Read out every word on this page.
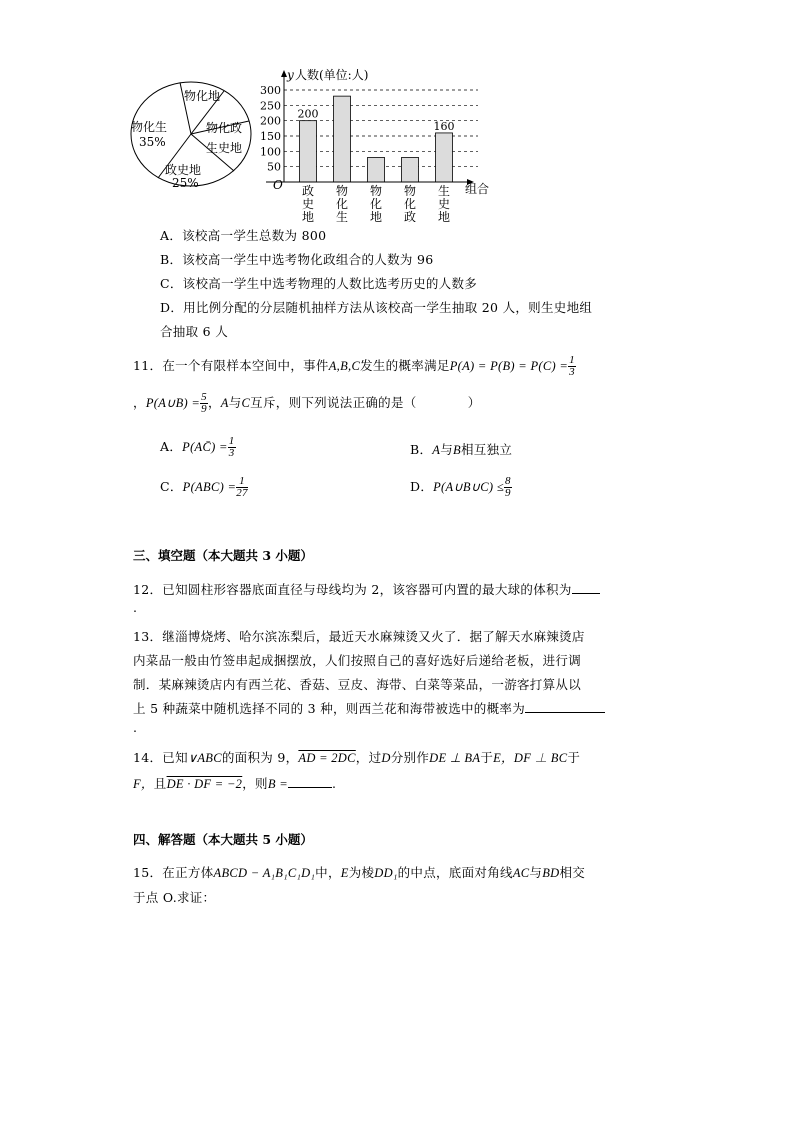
物化生
35%
物化地
物化政
生史地
政史地
25%
200
160
50
100
150
200
250
300
政史地
物化生
物化地
物化政
生史地
y 人数(单位:人)
组合
O
A．该校高一学生总数为 800
B．该校高一学生中选考物化政组合的人数为 96
C．该校高一学生中选考物理的人数比选考历史的人数多
D．用比例分配的分层随机抽样方法从该校高一学生抽取 20 人，则生史地组
合抽取 6 人
11．在一个有限样本空间中，事件A,B,C发生的概率满足$P(A) = P(B) = P(C) = \frac{1}{3}$
，P(A∪B) = $\frac{5}{9}$ ，A与C互斥，则下列说法正确的是（　　　　）
A．P(AC̄) = $\frac{1}{3}$	B．A与B相互独立
C．$P(ABC) = \frac{1}{27}$	D．P(A∪B∪C) ≤ $\frac{8}{9}$
三、填空题（本大题共 3 小题）
12．已知圆柱形容器底面直径与母线均为 2，该容器可内置的最大球的体积为
.
13．继淄博烧烤、哈尔滨冻梨后，最近天水麻辣烫又火了．据了解天水麻辣烫店
内菜品一般由竹签串起成捆摆放，人们按照自己的喜好选好后递给老板，进行调
制．某麻辣烫店内有西兰花、香菇、豆皮、海带、白菜等菜品，一游客打算从以
上 5 种蔬菜中随机选择不同的 3 种，则西兰花和海带被选中的概率为
.
14．已知∨ABC的面积为 9，AD = 2DC，过D分别作DE ⊥ BA于E，DF ⊥ BC于
F，且DE · DF = −2，则B =	.
四、解答题（本大题共 5 小题）
15．在正方体ABCD − A₁B₁C₁D₁中，E为棱DD₁的中点，底面对角线AC与BD相交
于点 O.求证：
